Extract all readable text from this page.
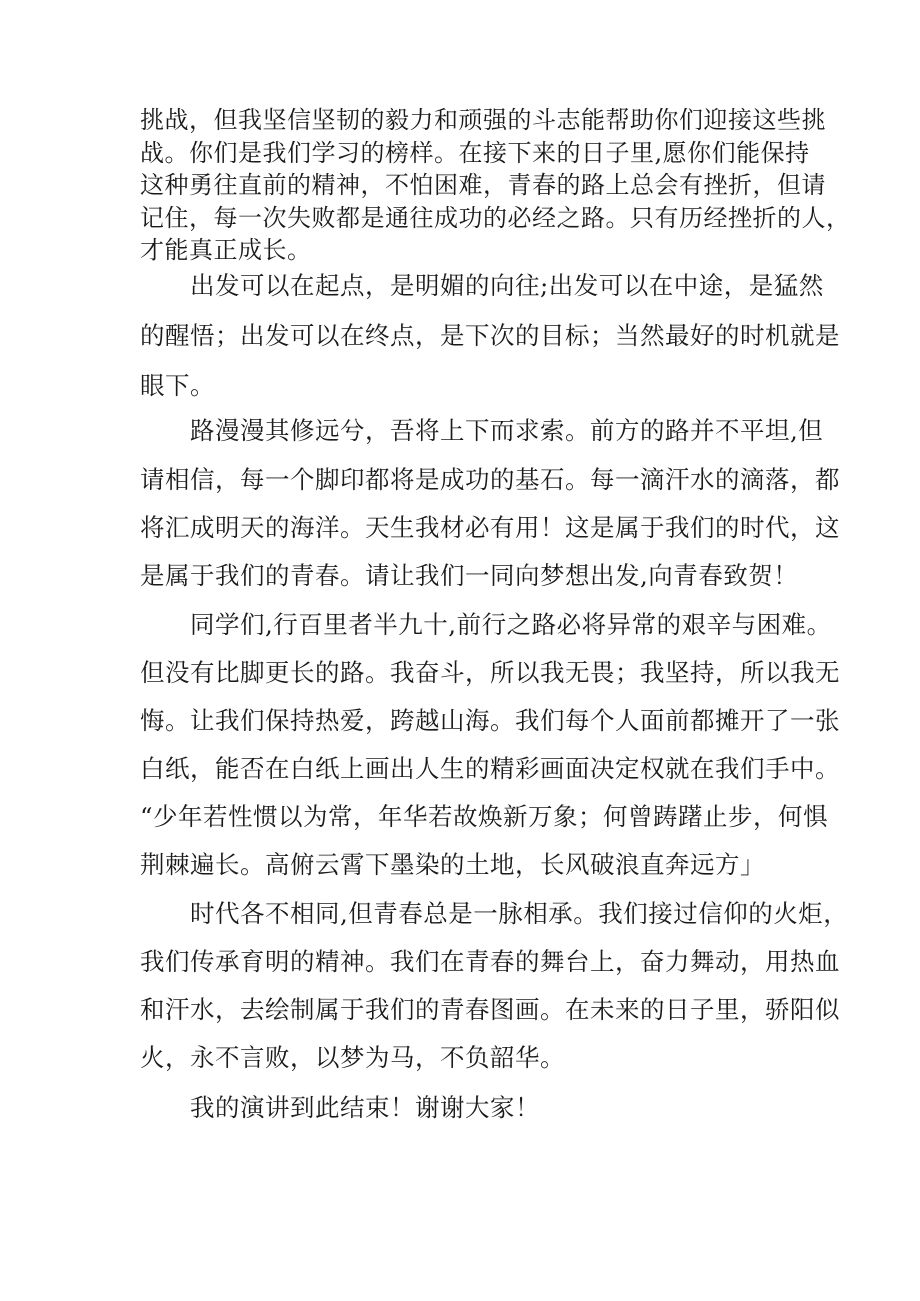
挑战，但我坚信坚韧的毅力和顽强的斗志能帮助你们迎接这些挑
战。你们是我们学习的榜样。在接下来的日子里,愿你们能保持
这种勇往直前的精神，不怕困难，青春的路上总会有挫折，但请
记住，每一次失败都是通往成功的必经之路。只有历经挫折的人，
才能真正成长。
出发可以在起点，是明媚的向往;出发可以在中途，是猛然
的醒悟；出发可以在终点，是下次的目标；当然最好的时机就是
眼下。
路漫漫其修远兮，吾将上下而求索。前方的路并不平坦,但
请相信，每一个脚印都将是成功的基石。每一滴汗水的滴落，都
将汇成明天的海洋。天生我材必有用！这是属于我们的时代，这
是属于我们的青春。请让我们一同向梦想出发,向青春致贺！
同学们,行百里者半九十,前行之路必将异常的艰辛与困难。
但没有比脚更长的路。我奋斗，所以我无畏；我坚持，所以我无
悔。让我们保持热爱，跨越山海。我们每个人面前都摊开了一张
白纸，能否在白纸上画出人生的精彩画面决定权就在我们手中。
“少年若性惯以为常，年华若故焕新万象；何曾踌躇止步，何惧
荆棘遍长。高俯云霄下墨染的土地，长风破浪直奔远方」
时代各不相同,但青春总是一脉相承。我们接过信仰的火炬，
我们传承育明的精神。我们在青春的舞台上，奋力舞动，用热血
和汗水，去绘制属于我们的青春图画。在未来的日子里，骄阳似
火，永不言败，以梦为马，不负韶华。
我的演讲到此结束！谢谢大家！
